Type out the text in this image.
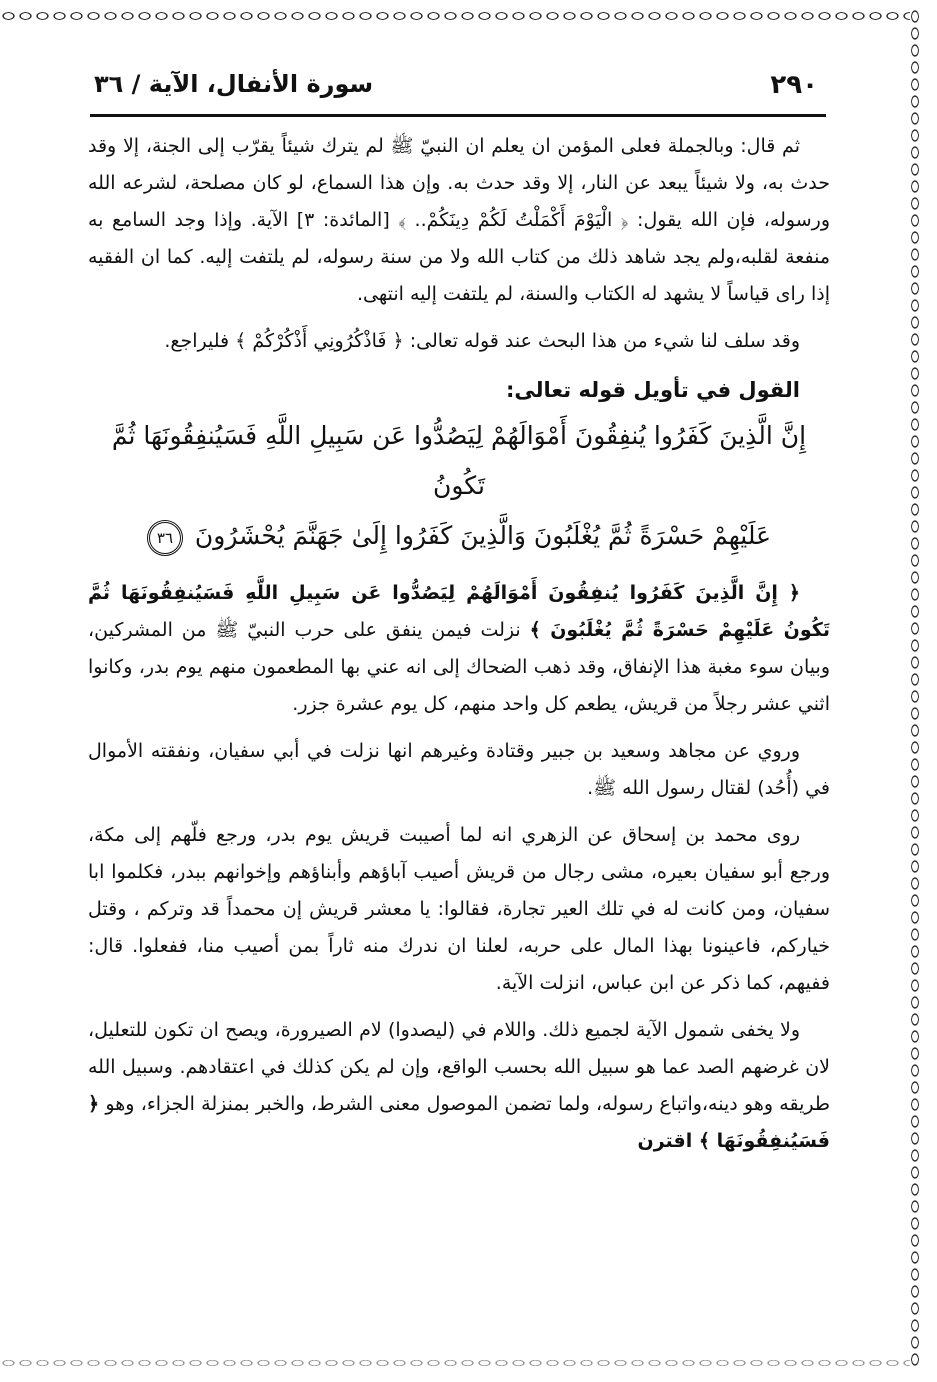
٢٩٠
سورة الأنفال، الآية / ٣٦

ثم قال: وبالجملة فعلى المؤمن ان يعلم ان النبيّ ﷺ لم يترك شيئاً يقرّب إلى الجنة، إلا وقد حدث به، ولا شيئاً يبعد عن النار، إلا وقد حدث به. وإن هذا السماع، لو كان مصلحة، لشرعه الله ورسوله، فإن الله يقول: ﴿ الْيَوْمَ أَكْمَلْتُ لَكُمْ دِينَكُمْ.. ﴾ [المائدة: ٣] الآية. وإذا وجد السامع به منفعة لقلبه،ولم يجد شاهد ذلك من كتاب الله ولا من سنة رسوله، لم يلتفت إليه. كما ان الفقيه إذا راى قياساً لا يشهد له الكتاب والسنة، لم يلتفت إليه انتهى.

وقد سلف لنا شيء من هذا البحث عند قوله تعالى: ﴿ فَاذْكُرُونِي أَذْكُرْكُمْ ﴾ فليراجع.

القول في تأويل قوله تعالى:

إِنَّ الَّذِينَ كَفَرُوا يُنفِقُونَ أَمْوَالَهُمْ لِيَصُدُّوا عَن سَبِيلِ اللَّهِ فَسَيُنفِقُونَهَا ثُمَّ تَكُونُ
عَلَيْهِمْ حَسْرَةً ثُمَّ يُغْلَبُونَ وَالَّذِينَ كَفَرُوا إِلَىٰ جَهَنَّمَ يُحْشَرُونَ ٣٦

﴿ إِنَّ الَّذِينَ كَفَرُوا يُنفِقُونَ أَمْوَالَهُمْ لِيَصُدُّوا عَن سَبِيلِ اللَّهِ فَسَيُنفِقُونَهَا ثُمَّ تَكُونُ عَلَيْهِمْ حَسْرَةً ثُمَّ يُغْلَبُونَ ﴾ نزلت فيمن ينفق على حرب النبيّ ﷺ من المشركين، وبيان سوء مغبة هذا الإنفاق، وقد ذهب الضحاك إلى انه عني بها المطعمون منهم يوم بدر، وكانوا اثني عشر رجلاً من قريش، يطعم كل واحد منهم، كل يوم عشرة جزر.

وروي عن مجاهد وسعيد بن جبير وقتادة وغيرهم انها نزلت في أبي سفيان، ونفقته الأموال في (أُحُد) لقتال رسول الله ﷺ.

روى محمد بن إسحاق عن الزهري انه لما أصيبت قريش يوم بدر، ورجع فلّهم إلى مكة، ورجع أبو سفيان بعيره، مشى رجال من قريش أصيب آباؤهم وأبناؤهم وإخوانهم ببدر، فكلموا ابا سفيان، ومن كانت له في تلك العير تجارة، فقالوا: يا معشر قريش إن محمداً قد وتركم ، وقتل خياركم، فاعينونا بهذا المال على حربه، لعلنا ان ندرك منه ثاراً بمن أصيب منا، ففعلوا. قال: ففيهم، كما ذكر عن ابن عباس، انزلت الآية.

ولا يخفى شمول الآية لجميع ذلك. واللام في (ليصدوا) لام الصيرورة، ويصح ان تكون للتعليل، لان غرضهم الصد عما هو سبيل الله بحسب الواقع، وإن لم يكن كذلك في اعتقادهم. وسبيل الله طريقه وهو دينه،واتباع رسوله، ولما تضمن الموصول معنى الشرط، والخبر بمنزلة الجزاء، وهو ﴿ فَسَيُنفِقُونَهَا ﴾ اقترن
